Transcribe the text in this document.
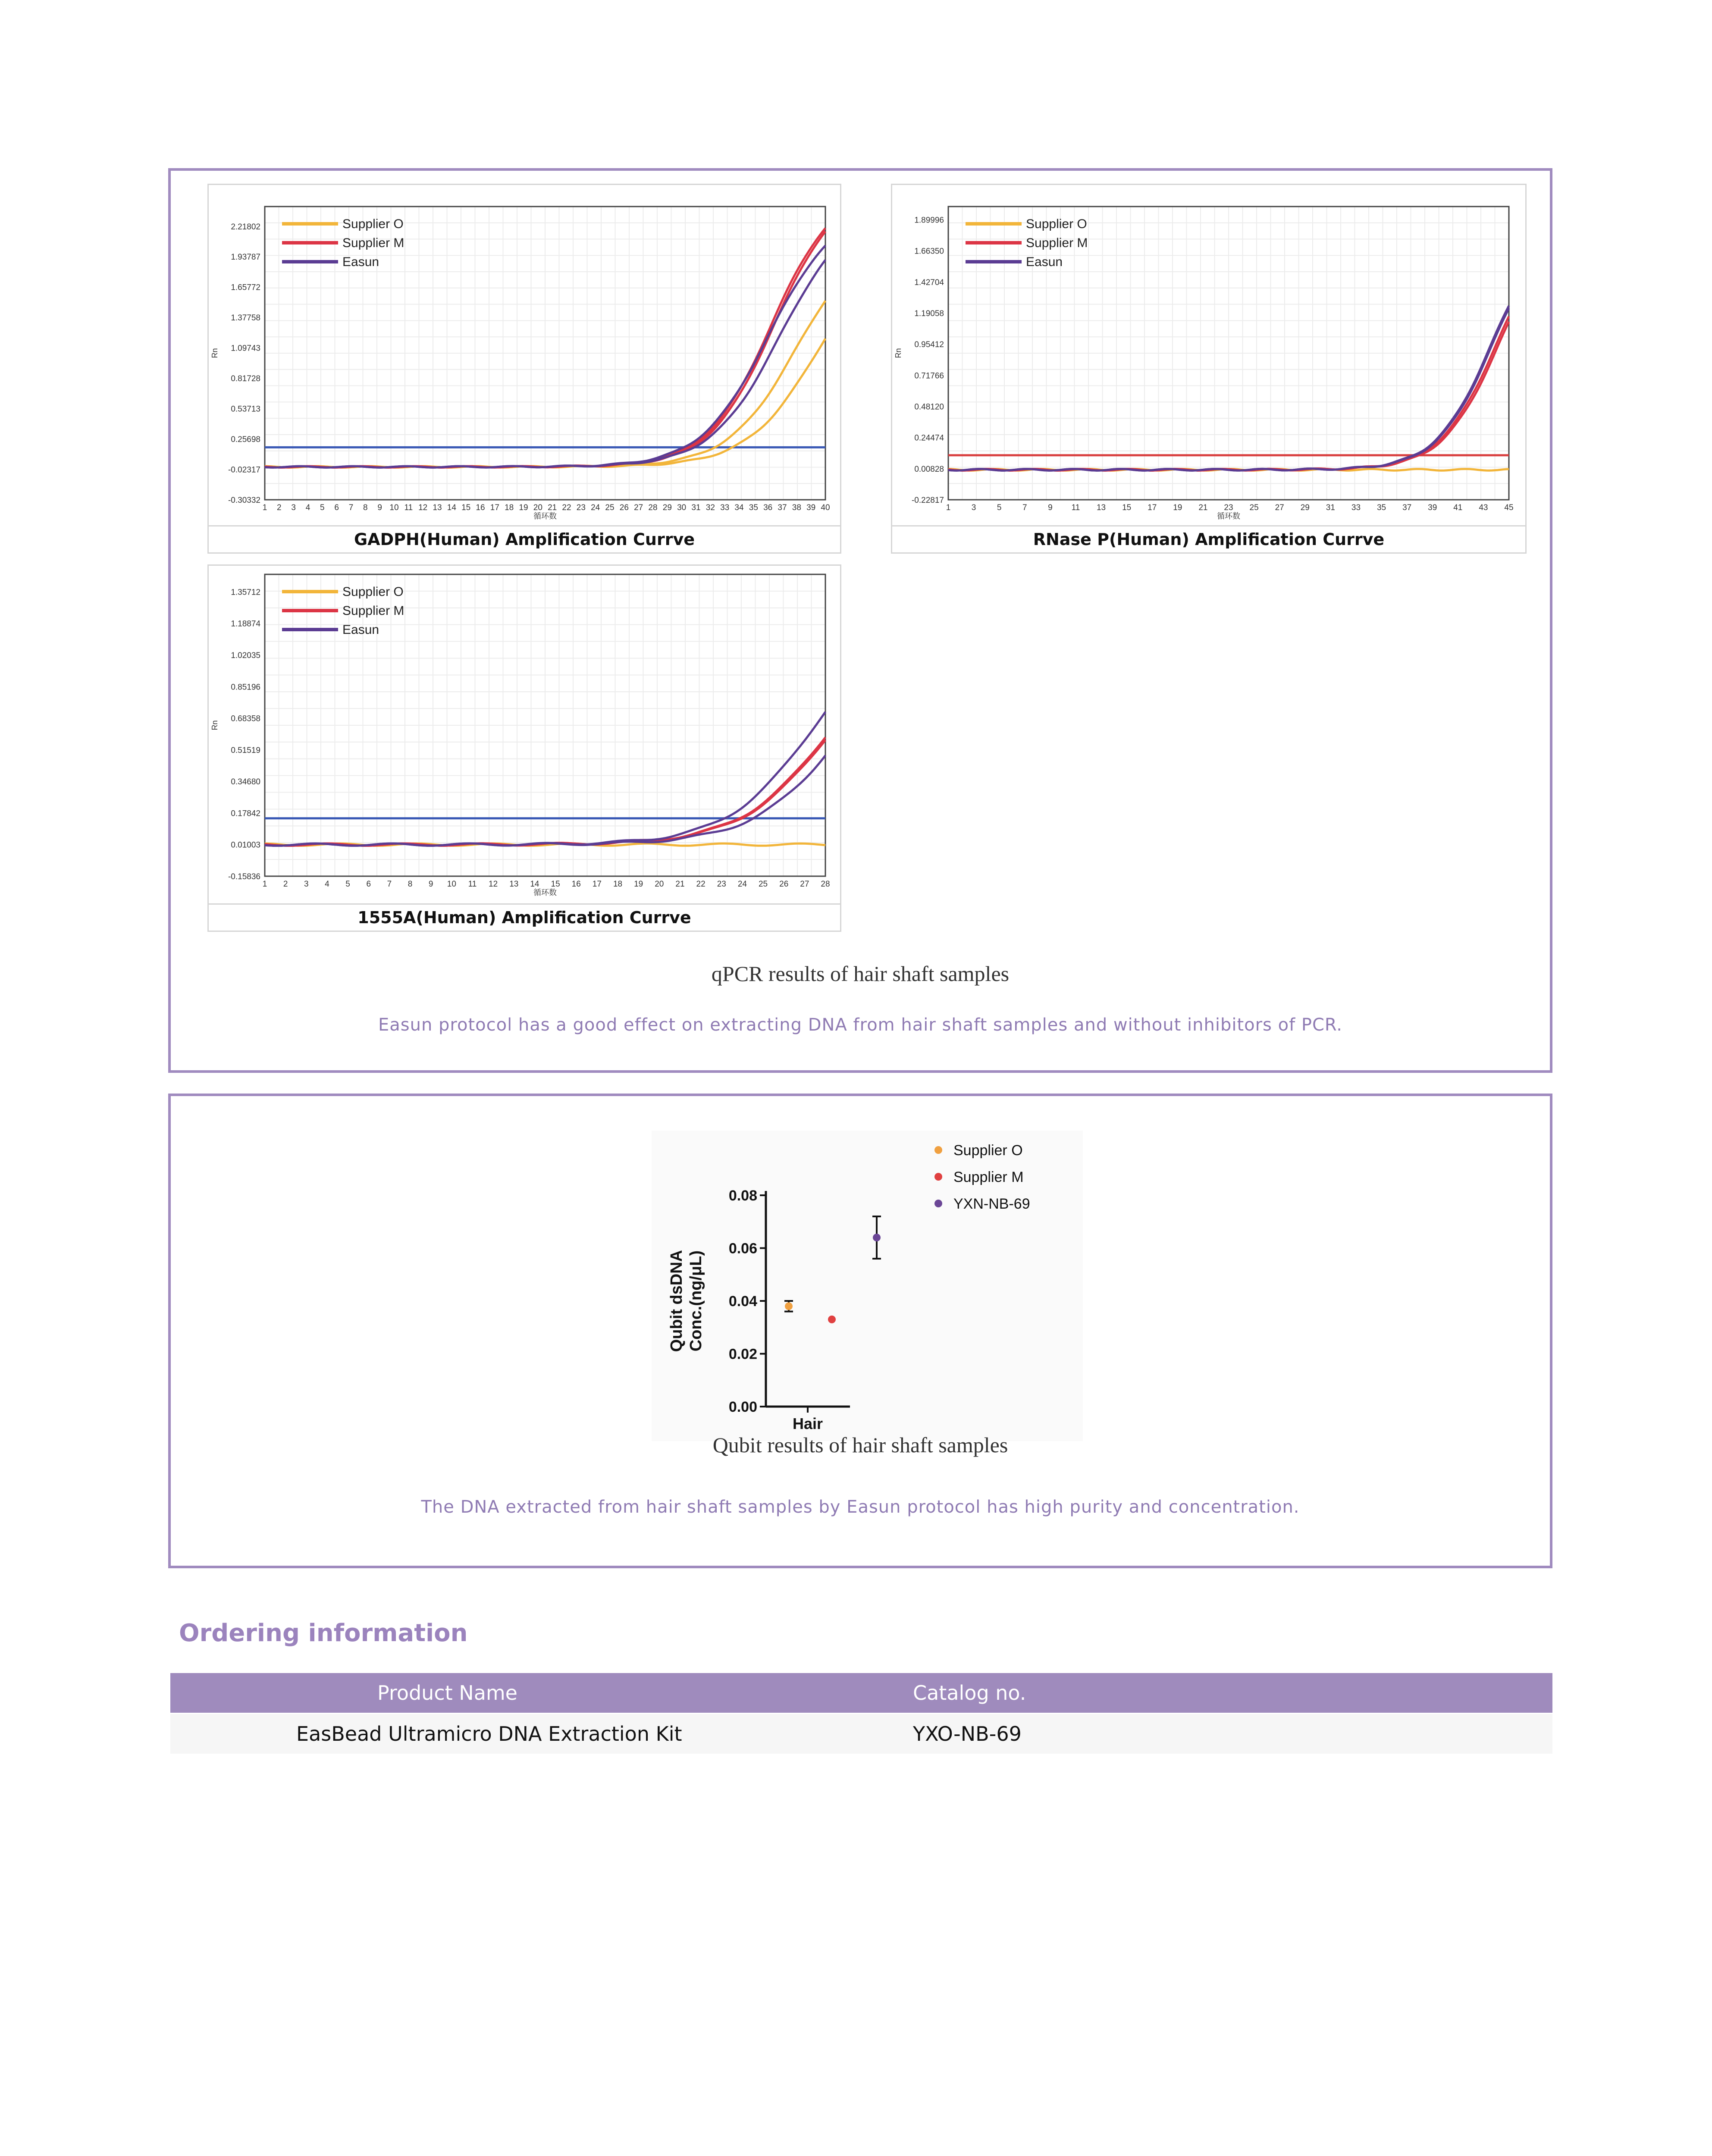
2.21802
1.93787
1.65772
1.37758
1.09743
0.81728
0.53713
0.25698
-0.02317
-0.30332
Rn
1 2 3 4 5 6 7 8 9 10 11 12 13 14 15 16 17 18 19 20 21 22 23 24 25 26 27 28 29 30 31 32 33 34 35 36 37 38 39 40
循环数
Supplier O
Supplier M
Easun
GADPH(Human) Amplification Currve
1.89996
1.66350
1.42704
1.19058
0.95412
0.71766
0.48120
0.24474
0.00828
-0.22817
Rn
1	3	5	7	9 11 13 15 17 19 21 23 25 27 29 31 33 35 37 39 41 43 45
循环数
Supplier O
Supplier M
Easun
RNase P(Human) Amplification Currve
1.35712
1.18874
1.02035
0.85196
0.68358
0.51519
0.34680
0.17842
0.01003
-0.15836
Rn
1 2 3 4 5 6 7 8 9 10 11 12 13 14 15 16 17 18 19 20 21 22 23 24 25 26 27 28
循环数
Supplier O
Supplier M
Easun
1555A(Human) Amplification Currve
qPCR results of hair shaft samples
Easun protocol has a good effect on extracting DNA from hair shaft samples and without inhibitors of PCR.
0.00
0.02
0.04
0.06
0.08
Hair
Qubit dsDNA Conc.(ng/μL)
Supplier O
Supplier M
YXN-NB-69
Qubit results of hair shaft samples
The DNA extracted from hair shaft samples by Easun protocol has high purity and concentration.
Ordering information
Product Name	Catalog no.
EasBead Ultramicro DNA Extraction Kit	YXO-NB-69
